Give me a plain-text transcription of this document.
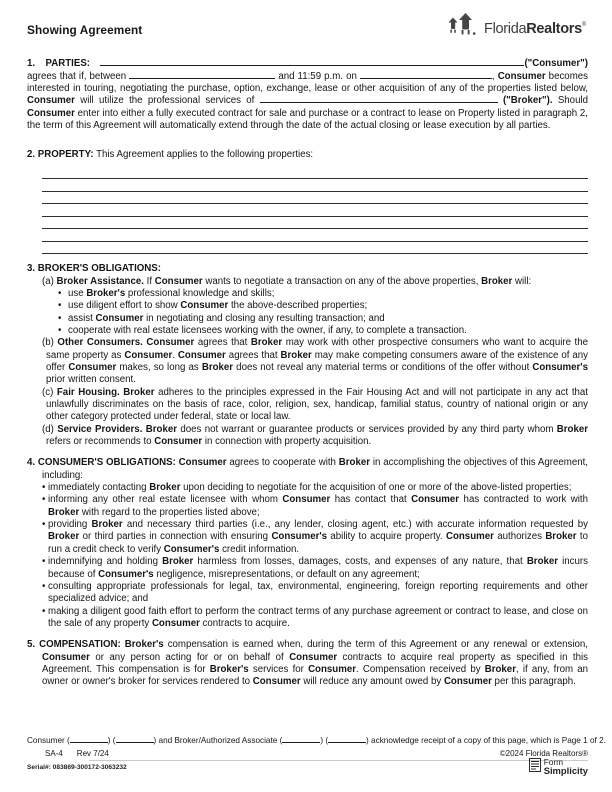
Showing Agreement	FloridaRealtors®

1. PARTIES:	("Consumer") agrees that if, between	and 11:59 p.m. on	, Consumer becomes interested in touring, negotiating the purchase, option, exchange, lease or other acquisition of any of the properties listed below, Consumer will utilize the professional services of	("Broker"). Should Consumer enter into either a fully executed contract for sale and purchase or a contract to lease on Property listed in paragraph 2, the term of this Agreement will automatically extend through the date of the actual closing or lease execution by all parties.

2. PROPERTY: This Agreement applies to the following properties:

3. BROKER'S OBLIGATIONS:

(a) Broker Assistance. If Consumer wants to negotiate a transaction on any of the above properties, Broker will:

• use Broker's professional knowledge and skills;
• use diligent effort to show Consumer the above-described properties;
• assist Consumer in negotiating and closing any resulting transaction; and
• cooperate with real estate licensees working with the owner, if any, to complete a transaction.

(b) Other Consumers. Consumer agrees that Broker may work with other prospective consumers who want to acquire the same property as Consumer. Consumer agrees that Broker may make competing consumers aware of the existence of any offer Consumer makes, so long as Broker does not reveal any material terms or conditions of the offer without Consumer's prior written consent.

(c) Fair Housing. Broker adheres to the principles expressed in the Fair Housing Act and will not participate in any act that unlawfully discriminates on the basis of race, color, religion, sex, handicap, familial status, country of national origin or any other category protected under federal, state or local law.

(d) Service Providers. Broker does not warrant or guarantee products or services provided by any third party whom Broker refers or recommends to Consumer in connection with property acquisition.

4. CONSUMER'S OBLIGATIONS: Consumer agrees to cooperate with Broker in accomplishing the objectives of this Agreement, including:

• immediately contacting Broker upon deciding to negotiate for the acquisition of one or more of the above-listed properties;
• informing any other real estate licensee with whom Consumer has contact that Consumer has contracted to work with Broker with regard to the properties listed above;
• providing Broker and necessary third parties (i.e., any lender, closing agent, etc.) with accurate information requested by Broker or third parties in connection with ensuring Consumer's ability to acquire property. Consumer authorizes Broker to run a credit check to verify Consumer's credit information.
• indemnifying and holding Broker harmless from losses, damages, costs, and expenses of any nature, that Broker incurs because of Consumer's negligence, misrepresentations, or default on any agreement;
• consulting appropriate professionals for legal, tax, environmental, engineering, foreign reporting requirements and other specialized advice; and
• making a diligent good faith effort to perform the contract terms of any purchase agreement or contract to lease, and close on the sale of any property Consumer contracts to acquire.

5. COMPENSATION: Broker's compensation is earned when, during the term of this Agreement or any renewal or extension, Consumer or any person acting for or on behalf of Consumer contracts to acquire real property as specified in this Agreement. This compensation is for Broker's services for Consumer. Compensation received by Broker, if any, from an owner or owner's broker for services rendered to Consumer will reduce any amount owed by Consumer per this paragraph.

Consumer (	) (	) and Broker/Authorized Associate (	) (	) acknowledge receipt of a copy of this page, which is Page 1 of 2.

SA-4 Rev 7/24	©2024 Florida Realtors®
Serial#: 083869-300172-3063232	Form
Simplicity
